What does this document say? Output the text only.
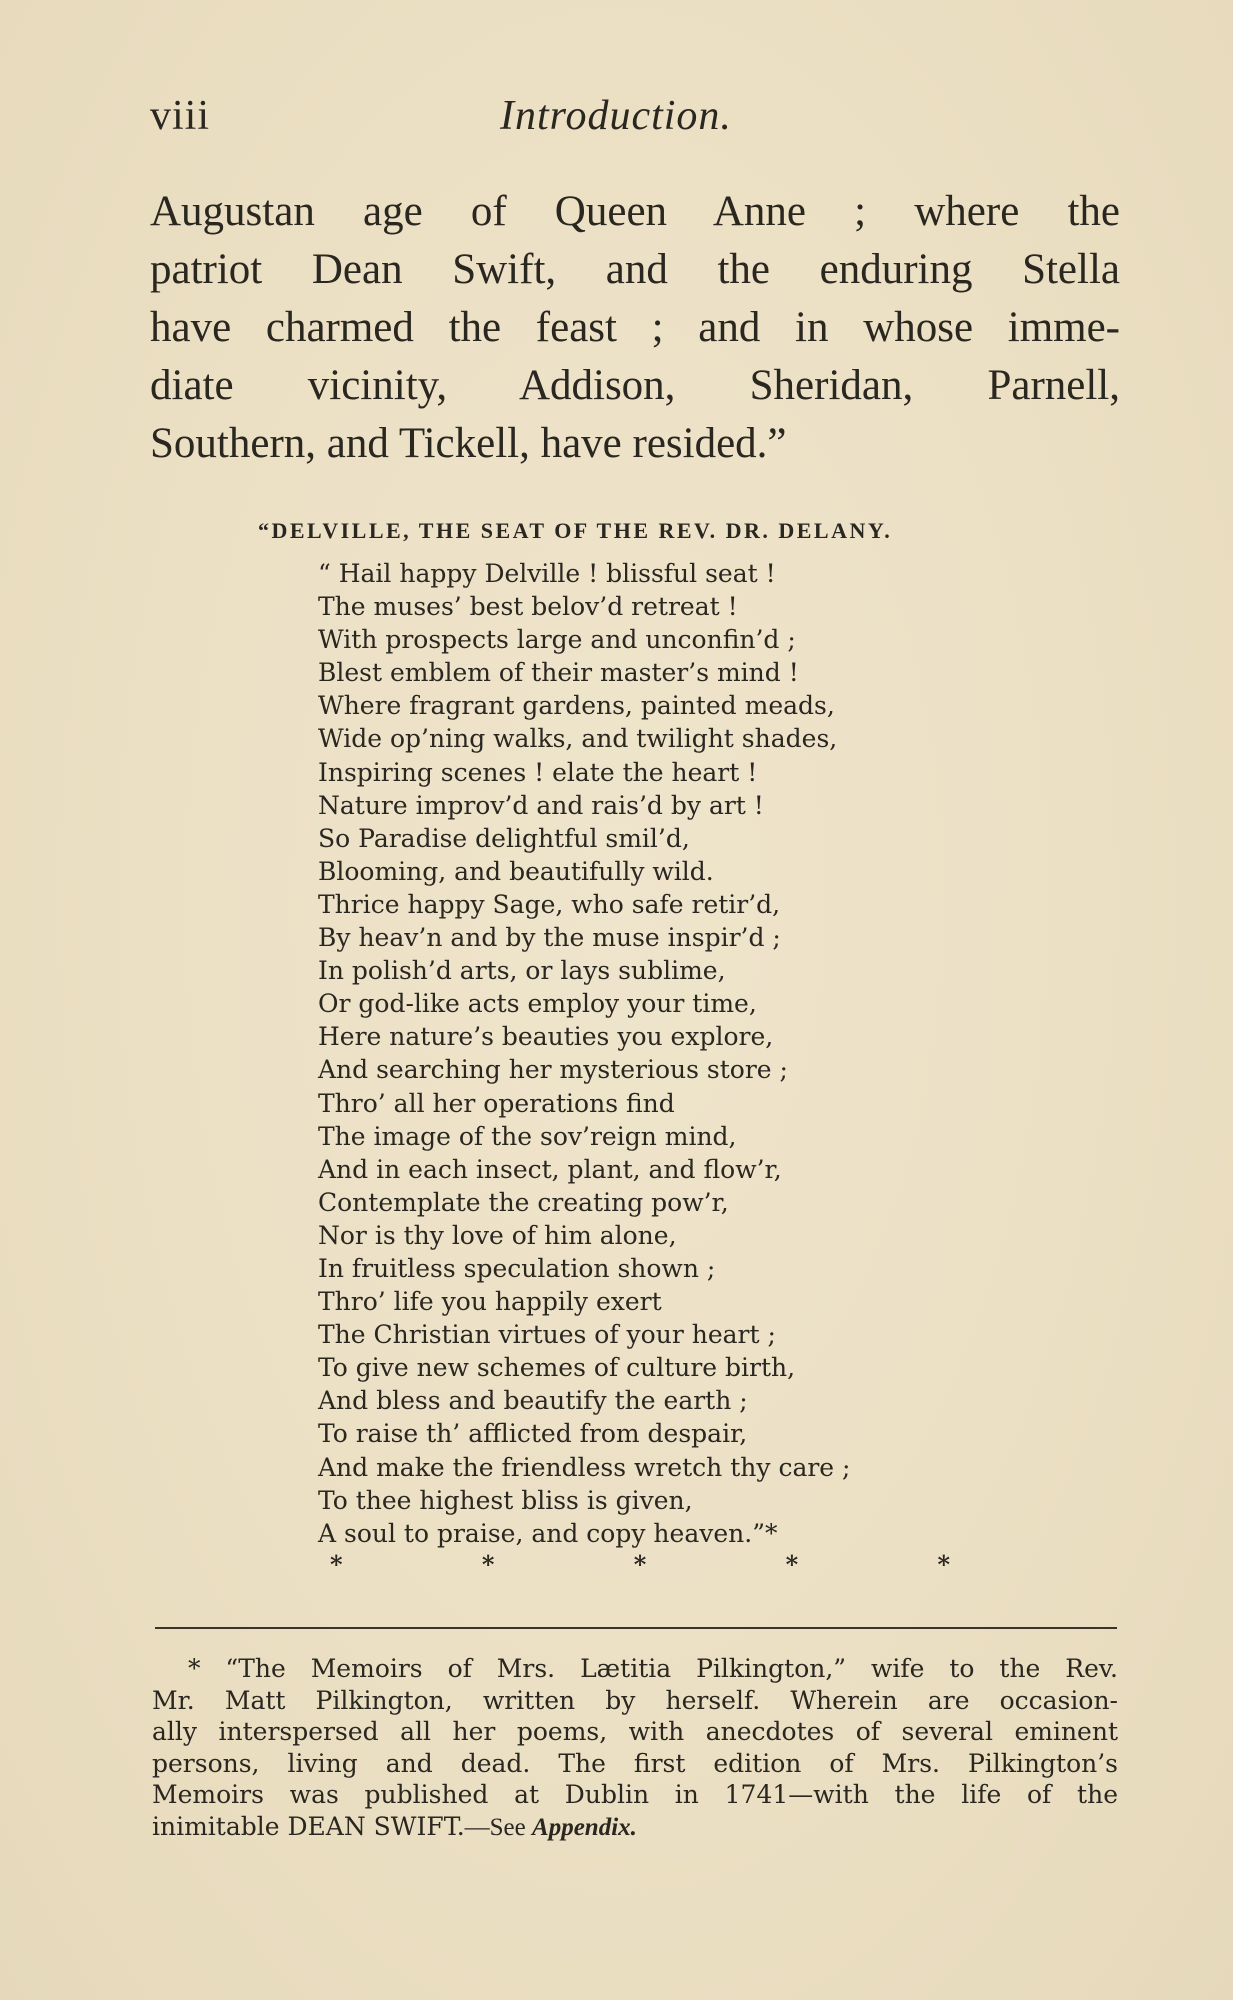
viii	Introduction.
Augustan age of Queen Anne ; where the
patriot Dean Swift, and the enduring Stella
have charmed the feast ; and in whose imme-
diate vicinity, Addison, Sheridan, Parnell,
Southern, and Tickell, have resided.”
“DELVILLE, THE SEAT OF THE REV. DR. DELANY.
“ Hail happy Delville ! blissful seat !
The muses’ best belov’d retreat !
With prospects large and unconfin’d ;
Blest emblem of their master’s mind !
Where fragrant gardens, painted meads,
Wide op’ning walks, and twilight shades,
Inspiring scenes ! elate the heart !
Nature improv’d and rais’d by art !
So Paradise delightful smil’d,
Blooming, and beautifully wild.
Thrice happy Sage, who safe retir’d,
By heav’n and by the muse inspir’d ;
In polish’d arts, or lays sublime,
Or god-like acts employ your time,
Here nature’s beauties you explore,
And searching her mysterious store ;
Thro’ all her operations find
The image of the sov’reign mind,
And in each insect, plant, and flow’r,
Contemplate the creating pow’r,
Nor is thy love of him alone,
In fruitless speculation shown ;
Thro’ life you happily exert
The Christian virtues of your heart ;
To give new schemes of culture birth,
And bless and beautify the earth ;
To raise th’ afflicted from despair,
And make the friendless wretch thy care ;
To thee highest bliss is given,
A soul to praise, and copy heaven.”*
*	*	*	*	*
* “The Memoirs of Mrs. Lætitia Pilkington,” wife to the Rev.
Mr. Matt Pilkington, written by herself. Wherein are occasion-
ally interspersed all her poems, with anecdotes of several eminent
persons, living and dead. The first edition of Mrs. Pilkington’s
Memoirs was published at Dublin in 1741—with the life of the
inimitable DEAN SWIFT.—See Appendix.
